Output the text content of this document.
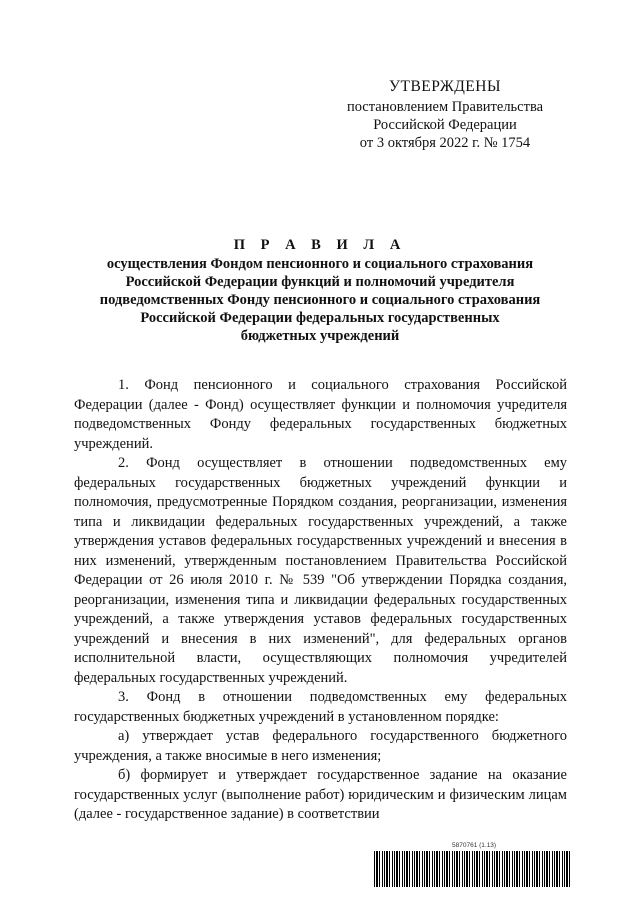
УТВЕРЖДЕНЫ
постановлением Правительства
Российской Федерации
от 3 октября 2022 г. № 1754
П Р А В И Л А
осуществления Фондом пенсионного и социального страхования
Российской Федерации функций и полномочий учредителя
подведомственных Фонду пенсионного и социального страхования
Российской Федерации федеральных государственных
бюджетных учреждений

1. Фонд пенсионного и социального страхования Российской Федерации (далее - Фонд) осуществляет функции и полномочия учредителя подведомственных Фонду федеральных государственных бюджетных учреждений.

2. Фонд осуществляет в отношении подведомственных ему федеральных государственных бюджетных учреждений функции и полномочия, предусмотренные Порядком создания, реорганизации, изменения типа и ликвидации федеральных государственных учреждений, а также утверждения уставов федеральных государственных учреждений и внесения в них изменений, утвержденным постановлением Правительства Российской Федерации от 26 июля 2010 г. № 539 "Об утверждении Порядка создания, реорганизации, изменения типа и ликвидации федеральных государственных учреждений, а также утверждения уставов федеральных государственных учреждений и внесения в них изменений", для федеральных органов исполнительной власти, осуществляющих полномочия учредителей федеральных государственных учреждений.

3. Фонд в отношении подведомственных ему федеральных государственных бюджетных учреждений в установленном порядке:

а) утверждает устав федерального государственного бюджетного учреждения, а также вносимые в него изменения;

б) формирует и утверждает государственное задание на оказание государственных услуг (выполнение работ) юридическим и физическим лицам (далее - государственное задание) в соответствии

5870761 (1.13)
